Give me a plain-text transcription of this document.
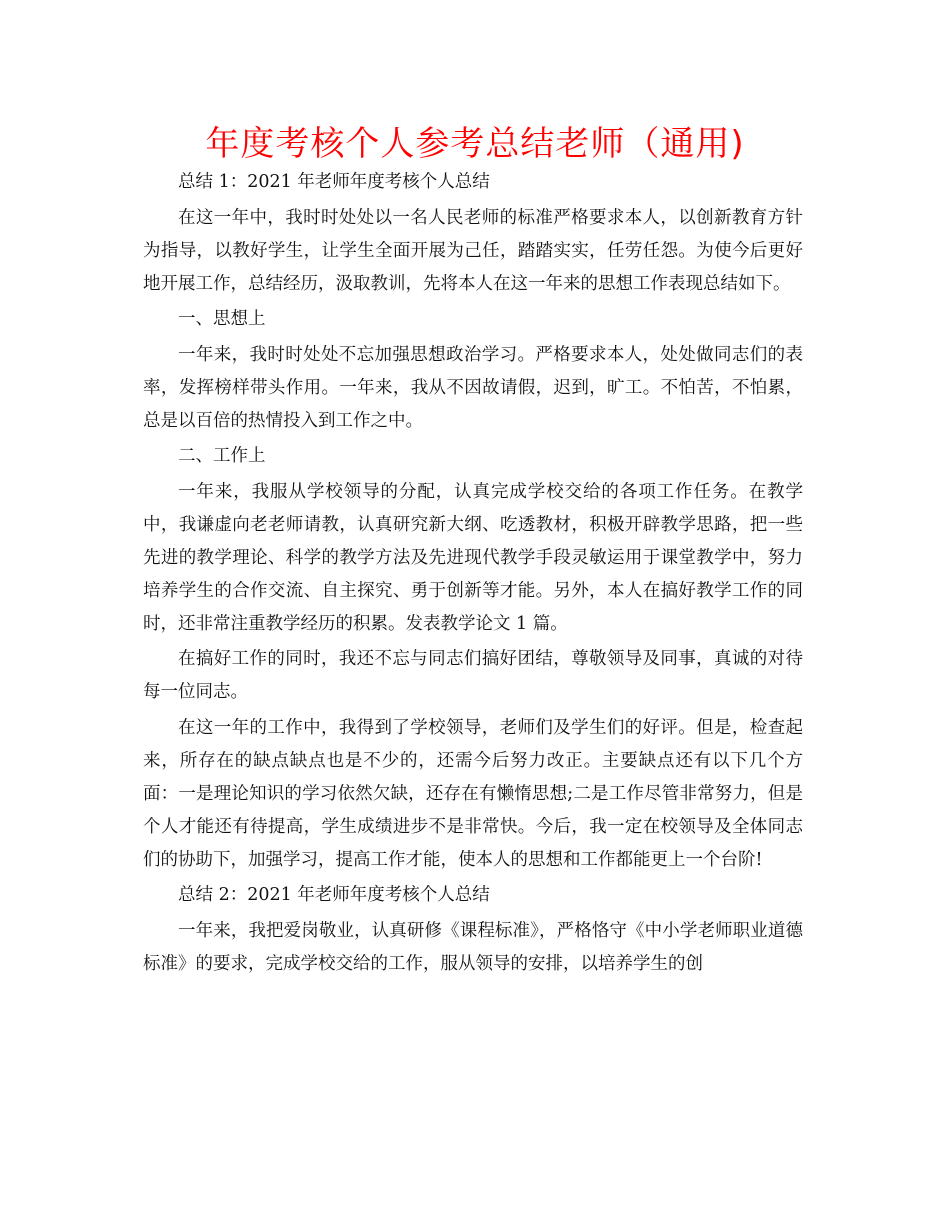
年度考核个人参考总结老师（通用)

总结 1：2021 年老师年度考核个人总结

在这一年中，我时时处处以一名人民老师的标准严格要求本人，以创新教育方针为指导，以教好学生，让学生全面开展为己任，踏踏实实，任劳任怨。为使今后更好地开展工作，总结经历，汲取教训，先将本人在这一年来的思想工作表现总结如下。

一、思想上

一年来，我时时处处不忘加强思想政治学习。严格要求本人，处处做同志们的表率，发挥榜样带头作用。一年来，我从不因故请假，迟到，旷工。不怕苦，不怕累，总是以百倍的热情投入到工作之中。

二、工作上

一年来，我服从学校领导的分配，认真完成学校交给的各项工作任务。在教学中，我谦虚向老老师请教，认真研究新大纲、吃透教材，积极开辟教学思路，把一些先进的教学理论、科学的教学方法及先进现代教学手段灵敏运用于课堂教学中，努力培养学生的合作交流、自主探究、勇于创新等才能。另外，本人在搞好教学工作的同时，还非常注重教学经历的积累。发表教学论文 1 篇。

在搞好工作的同时，我还不忘与同志们搞好团结，尊敬领导及同事，真诚的对待每一位同志。

在这一年的工作中，我得到了学校领导，老师们及学生们的好评。但是，检查起来，所存在的缺点缺点也是不少的，还需今后努力改正。主要缺点还有以下几个方面：一是理论知识的学习依然欠缺，还存在有懒惰思想;二是工作尽管非常努力，但是个人才能还有待提高，学生成绩进步不是非常快。今后，我一定在校领导及全体同志们的协助下，加强学习，提高工作才能，使本人的思想和工作都能更上一个台阶!

总结 2：2021 年老师年度考核个人总结

一年来，我把爱岗敬业，认真研修《课程标准》，严格恪守《中小学老师职业道德标准》的要求，完成学校交给的工作，服从领导的安排，以培养学生的创
